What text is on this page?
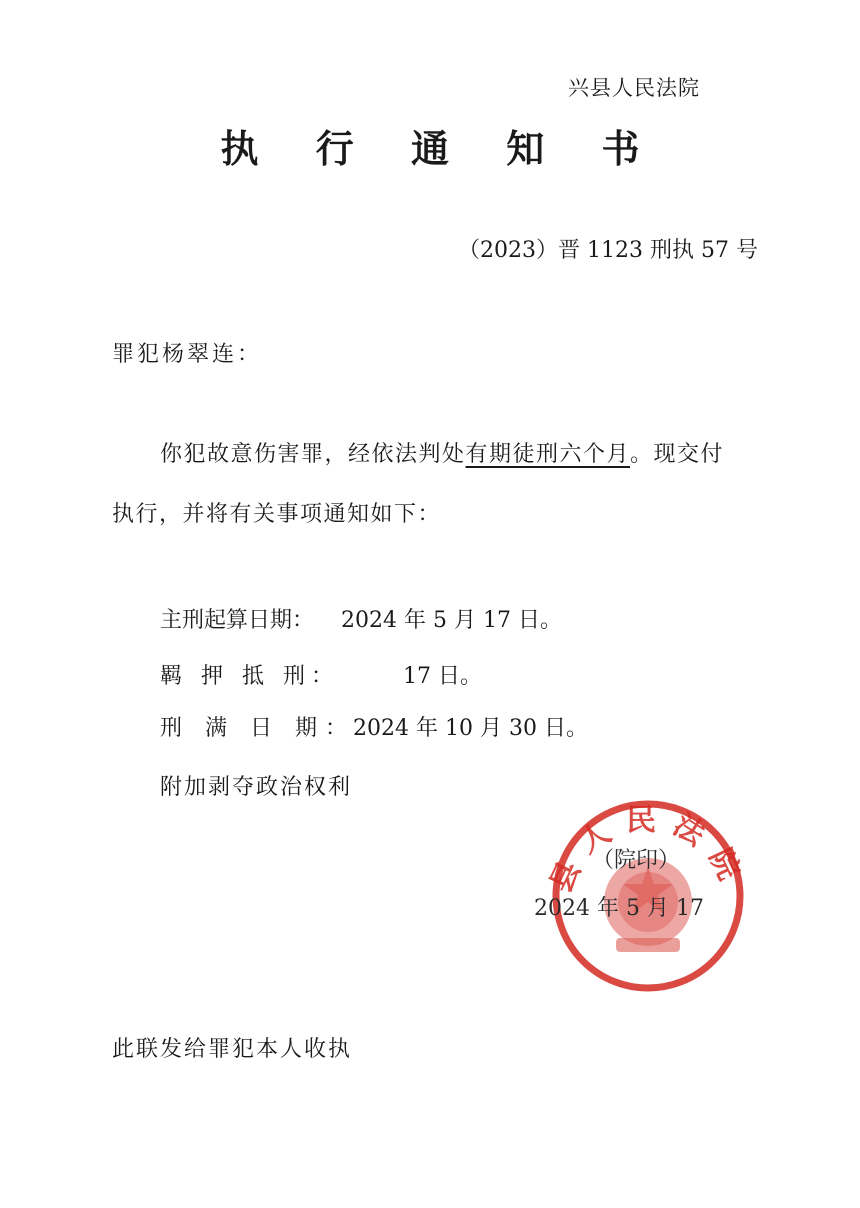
兴县人民法院
执 行 通 知 书
（2023）晋 1123 刑执 57 号
罪犯杨翠连：
你犯故意伤害罪，经依法判处有期徒刑六个月。现交付
执行，并将有关事项通知如下：
主刑起算日期： 2024 年 5 月 17 日。
羁 押 抵 刑：	17 日。
刑 满 日 期：
2024 年 10 月 30 日。
附加剥夺政治权利
县人民法院
（院印）
2024 年 5 月 17
此联发给罪犯本人收执
